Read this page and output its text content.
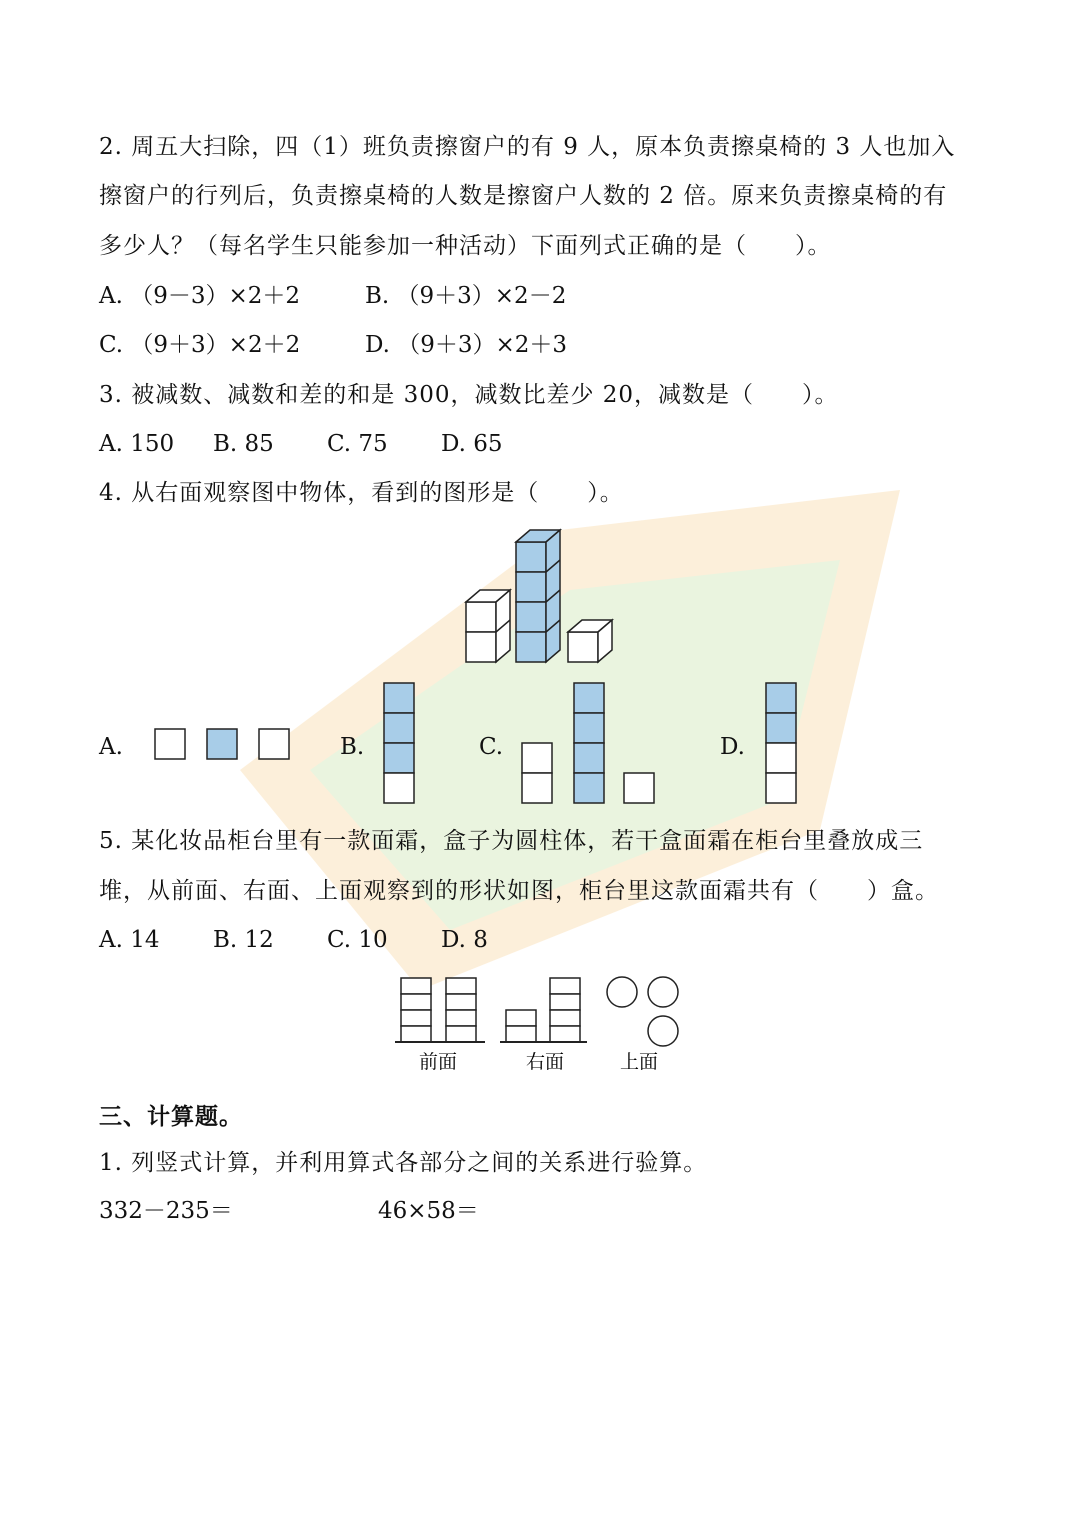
2. 周五大扫除，四（1）班负责擦窗户的有 9 人，原本负责擦桌椅的 3 人也加入
擦窗户的行列后，负责擦桌椅的人数是擦窗户人数的 2 倍。原来负责擦桌椅的有
多少人？（每名学生只能参加一种活动）下面列式正确的是（　　）。
A. （9－3）×2＋2	B. （9＋3）×2－2
C. （9＋3）×2＋2	D. （9＋3）×2＋3
3. 被减数、减数和差的和是 300，减数比差少 20，减数是（　　）。
A. 150 B. 85 C. 75 D. 65
4. 从右面观察图中物体，看到的图形是（　　）。
A.	B.	C.	D.
5. 某化妆品柜台里有一款面霜，盒子为圆柱体，若干盒面霜在柜台里叠放成三
堆，从前面、右面、上面观察到的形状如图，柜台里这款面霜共有（　　）盒。
A. 14 B. 12 C. 10 D. 8
前面	右面	上面
三、计算题。
1. 列竖式计算，并利用算式各部分之间的关系进行验算。
332－235＝	46×58＝
